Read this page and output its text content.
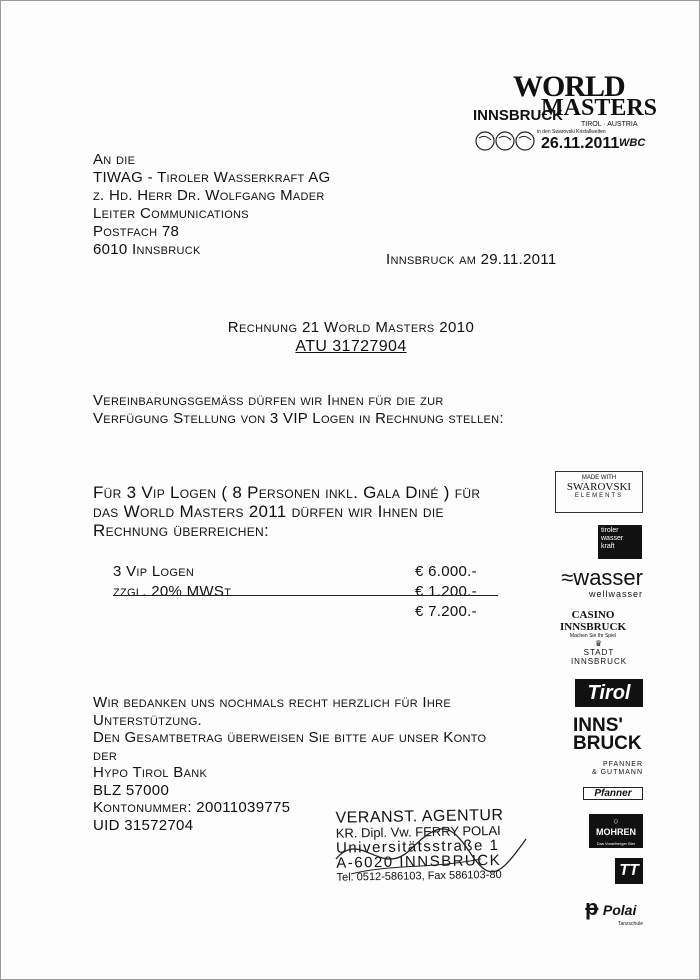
WORLD
MASTERS
INNSBRUCK
TIROL · AUSTRIA
in den Swarovski Kristallwelten
26.11.2011 WBC
An die
TIWAG - Tiroler Wasserkraft AG
z. Hd. Herr Dr. Wolfgang Mader
Leiter Communications
Postfach 78
6010 Innsbruck
Innsbruck am 29.11.2011
Rechnung 21 World Masters 2010
ATU 31727904
Vereinbarungsgemäss dürfen wir Ihnen für die zur
Verfügung Stellung von 3 VIP Logen in Rechnung stellen:
Für 3 Vip Logen ( 8 Personen inkl. Gala Diné ) für
das World Masters 2011 dürfen wir Ihnen die
Rechnung überreichen:
3 Vip Logen	€ 6.000.-
zzgl. 20% MWSt	€ 1.200.-
€ 7.200.-
Wir bedanken uns nochmals recht herzlich für Ihre
Unterstützung.
Den Gesamtbetrag überweisen Sie bitte auf unser Konto
der
Hypo Tirol Bank
BLZ 57000
Kontonummer: 20011039775
UID 31572704	VERANST. AGENTUR
KR. Dipl. Vw. FERRY POLAI
Universitätsstraße 1
A-6020 INNSBRUCK
Tel. 0512-586103, Fax 586103-80
MADE WITH
SWAROVSKI
ELEMENTS
tiroler
wasser
kraft
≈wasser
wellwasser
CASINO INNSBRUCK
Machen Sie Ihr Spiel
♛
STADT INNSBRUCK
Tirol
INNS'
BRUCK
PFANNER
& GUTMANN
Pfanner
○
MOHREN
Das Vorarlberger Bier
TT
ᵽ Polai
Tanzschule
